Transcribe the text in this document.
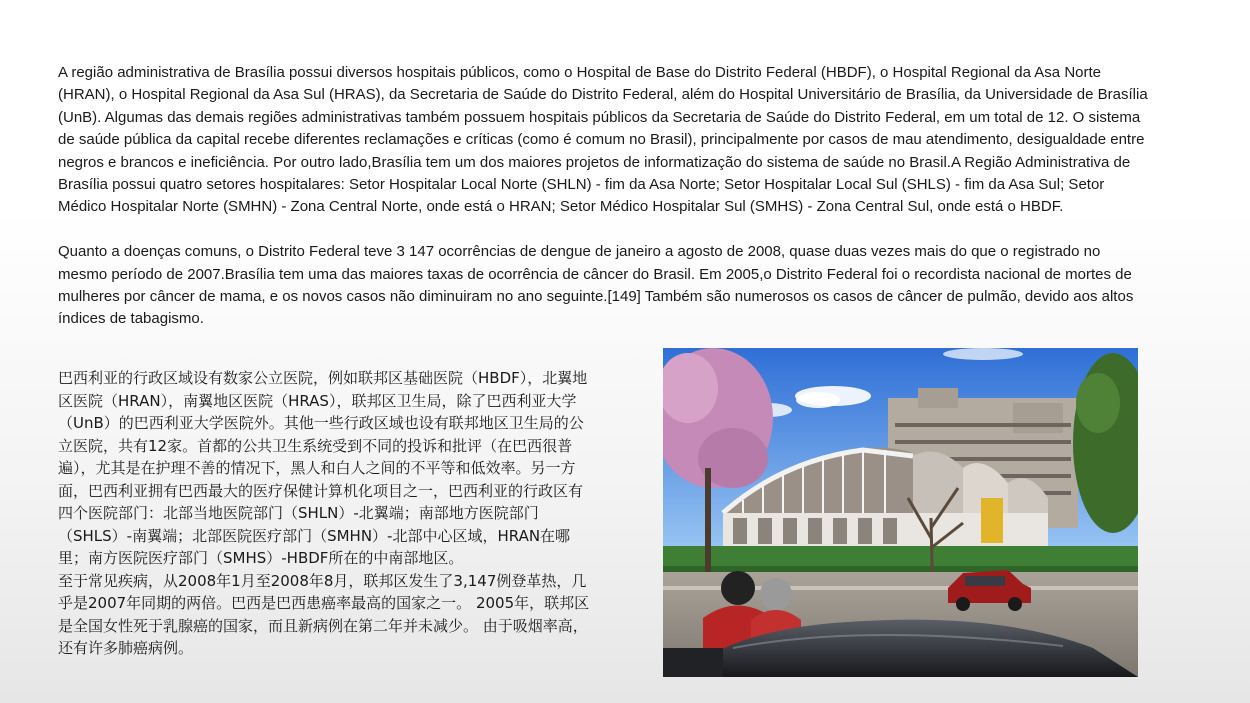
A região administrativa de Brasília possui diversos hospitais públicos, como o Hospital de Base do Distrito Federal (HBDF), o Hospital Regional da Asa Norte (HRAN), o Hospital Regional da Asa Sul (HRAS), da Secretaria de Saúde do Distrito Federal, além do Hospital Universitário de Brasília, da Universidade de Brasília (UnB). Algumas das demais regiões administrativas também possuem hospitais públicos da Secretaria de Saúde do Distrito Federal, em um total de 12. O sistema de saúde pública da capital recebe diferentes reclamações e críticas (como é comum no Brasil), principalmente por casos de mau atendimento, desigualdade entre negros e brancos e ineficiência. Por outro lado,Brasília tem um dos maiores projetos de informatização do sistema de saúde no Brasil.A Região Administrativa de Brasília possui quatro setores hospitalares: Setor Hospitalar Local Norte (SHLN) - fim da Asa Norte; Setor Hospitalar Local Sul (SHLS) - fim da Asa Sul; Setor Médico Hospitalar Norte (SMHN) - Zona Central Norte, onde está o HRAN; Setor Médico Hospitalar Sul (SMHS) - Zona Central Sul, onde está o HBDF.

Quanto a doenças comuns, o Distrito Federal teve 3 147 ocorrências de dengue de janeiro a agosto de 2008, quase duas vezes mais do que o registrado no mesmo período de 2007.Brasília tem uma das maiores taxas de ocorrência de câncer do Brasil. Em 2005,o Distrito Federal foi o recordista nacional de mortes de mulheres por câncer de mama, e os novos casos não diminuiram no ano seguinte.[149] Também são numerosos os casos de câncer de pulmão, devido aos altos índices de tabagismo.

巴西利亚的行政区域设有数家公立医院，例如联邦区基础医院（HBDF），北翼地区医院（HRAN），南翼地区医院（HRAS），联邦区卫生局，除了巴西利亚大学（UnB）的巴西利亚大学医院外。其他一些行政区域也设有联邦地区卫生局的公立医院，共有12家。首都的公共卫生系统受到不同的投诉和批评（在巴西很普遍），尤其是在护理不善的情况下，黑人和白人之间的不平等和低效率。另一方面，巴西利亚拥有巴西最大的医疗保健计算机化项目之一，巴西利亚的行政区有四个医院部门：北部当地医院部门（SHLN）-北翼端；南部地方医院部门（SHLS）-南翼端；北部医院医疗部门（SMHN）-北部中心区域，HRAN在哪里；南方医院医疗部门（SMHS）-HBDF所在的中南部地区。

至于常见疾病，从2008年1月至2008年8月，联邦区发生了3,147例登革热，几乎是2007年同期的两倍。巴西是巴西患癌率最高的国家之一。 2005年，联邦区是全国女性死于乳腺癌的国家，而且新病例在第二年并未减少。 由于吸烟率高，还有许多肺癌病例。
